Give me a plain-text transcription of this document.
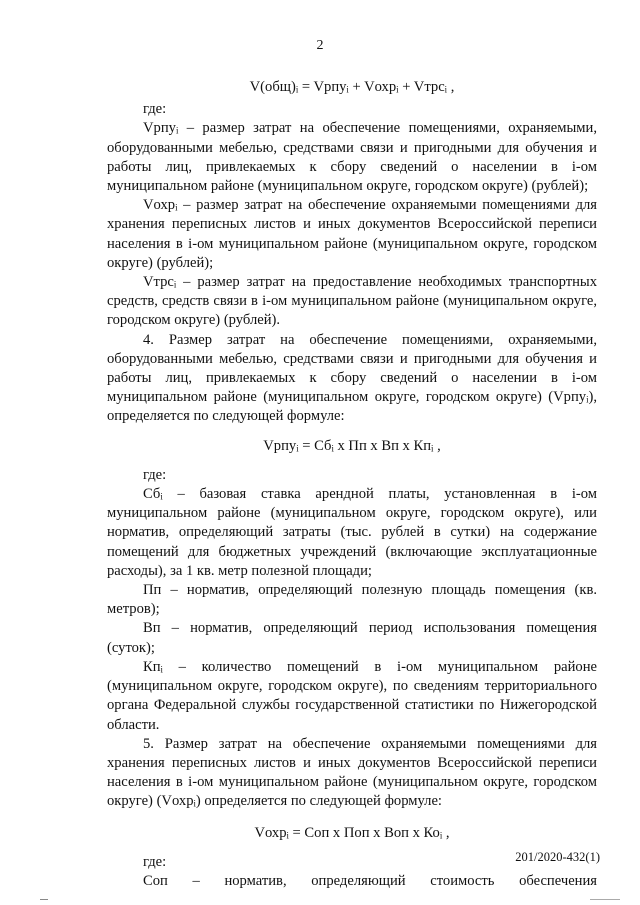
2
V(общ)ᵢ = Vрпуᵢ + Vохрᵢ + Vтрсᵢ ,

где:

Vрпуᵢ – размер затрат на обеспечение помещениями, охраняемыми, оборудованными мебелью, средствами связи и пригодными для обучения и работы лиц, привлекаемых к сбору сведений о населении в i-ом муниципальном районе (муниципальном округе, городском округе) (рублей);

Vохрᵢ – размер затрат на обеспечение охраняемыми помещениями для хранения переписных листов и иных документов Всероссийской переписи населения в i-ом муниципальном районе (муниципальном округе, городском округе) (рублей);

Vтрсᵢ – размер затрат на предоставление необходимых транспортных средств, средств связи в i-ом муниципальном районе (муниципальном округе, городском округе) (рублей).

4. Размер затрат на обеспечение помещениями, охраняемыми, оборудованными мебелью, средствами связи и пригодными для обучения и работы лиц, привлекаемых к сбору сведений о населении в i-ом муниципальном районе (муниципальном округе, городском округе) (Vрпуᵢ), определяется по следующей формуле:

Vрпуᵢ = Сбᵢ х Пп х Вп х Кпᵢ ,

где:

Сбᵢ – базовая ставка арендной платы, установленная в i-ом муниципальном районе (муниципальном округе, городском округе), или норматив, определяющий затраты (тыс. рублей в сутки) на содержание помещений для бюджетных учреждений (включающие эксплуатационные расходы), за 1 кв. метр полезной площади;

Пп – норматив, определяющий полезную площадь помещения (кв. метров);

Вп – норматив, определяющий период использования помещения (суток);

Кпᵢ – количество помещений в i-ом муниципальном районе (муниципальном округе, городском округе), по сведениям территориального органа Федеральной службы государственной статистики по Нижегородской области.

5. Размер затрат на обеспечение охраняемыми помещениями для хранения переписных листов и иных документов Всероссийской переписи населения в i-ом муниципальном районе (муниципальном округе, городском округе) (Vохрᵢ) определяется по следующей формуле:

Vохрᵢ = Соп х Поп х Воп х Коᵢ ,

где:

Соп – норматив, определяющий стоимость обеспечения

201/2020-432(1)
